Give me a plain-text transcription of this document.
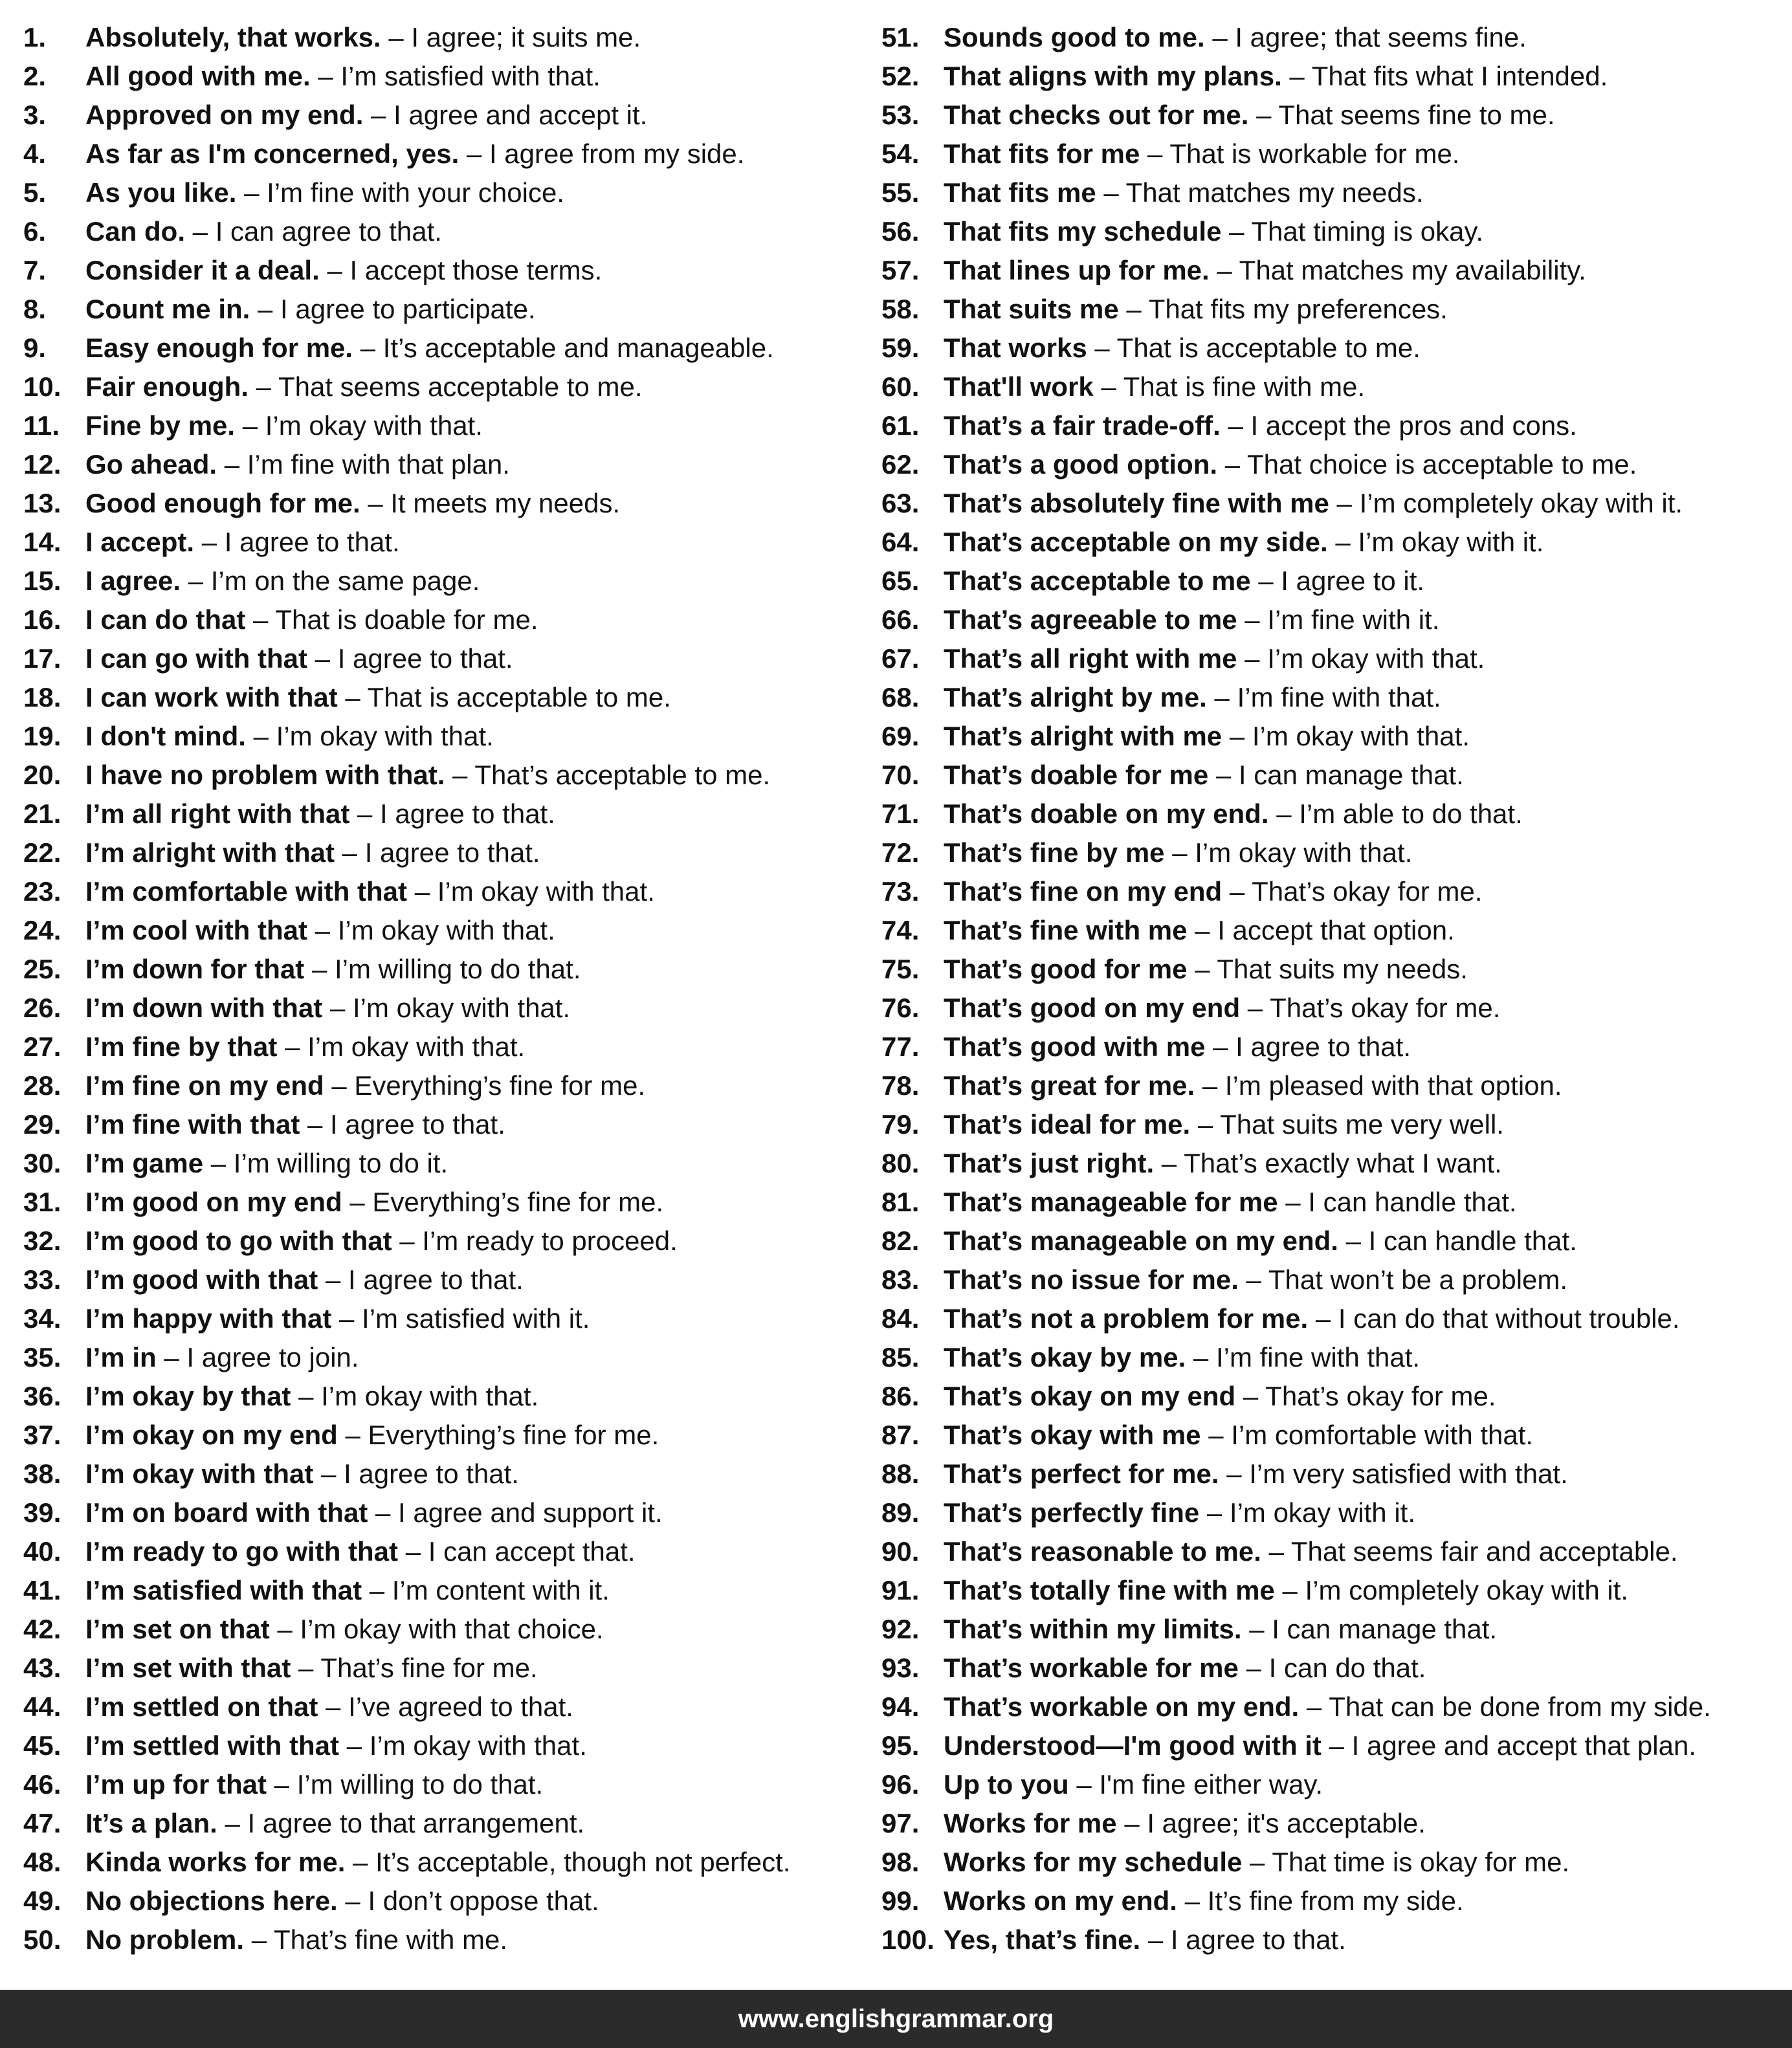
1. Absolutely, that works. – I agree; it suits me.
2. All good with me. – I’m satisfied with that.
3. Approved on my end. – I agree and accept it.
4. As far as I'm concerned, yes. – I agree from my side.
5. As you like. – I’m fine with your choice.
6. Can do. – I can agree to that.
7. Consider it a deal. – I accept those terms.
8. Count me in. – I agree to participate.
9. Easy enough for me. – It’s acceptable and manageable.
10. Fair enough. – That seems acceptable to me.
11. Fine by me. – I’m okay with that.
12. Go ahead. – I’m fine with that plan.
13. Good enough for me. – It meets my needs.
14. I accept. – I agree to that.
15. I agree. – I’m on the same page.
16. I can do that – That is doable for me.
17. I can go with that – I agree to that.
18. I can work with that – That is acceptable to me.
19. I don't mind. – I’m okay with that.
20. I have no problem with that. – That’s acceptable to me.
21. I’m all right with that – I agree to that.
22. I’m alright with that – I agree to that.
23. I’m comfortable with that – I’m okay with that.
24. I’m cool with that – I’m okay with that.
25. I’m down for that – I’m willing to do that.
26. I’m down with that – I’m okay with that.
27. I’m fine by that – I’m okay with that.
28. I’m fine on my end – Everything’s fine for me.
29. I’m fine with that – I agree to that.
30. I’m game – I’m willing to do it.
31. I’m good on my end – Everything’s fine for me.
32. I’m good to go with that – I’m ready to proceed.
33. I’m good with that – I agree to that.
34. I’m happy with that – I’m satisfied with it.
35. I’m in – I agree to join.
36. I’m okay by that – I’m okay with that.
37. I’m okay on my end – Everything’s fine for me.
38. I’m okay with that – I agree to that.
39. I’m on board with that – I agree and support it.
40. I’m ready to go with that – I can accept that.
41. I’m satisfied with that – I’m content with it.
42. I’m set on that – I’m okay with that choice.
43. I’m set with that – That’s fine for me.
44. I’m settled on that – I’ve agreed to that.
45. I’m settled with that – I’m okay with that.
46. I’m up for that – I’m willing to do that.
47. It’s a plan. – I agree to that arrangement.
48. Kinda works for me. – It’s acceptable, though not perfect.
49. No objections here. – I don’t oppose that.
50. No problem. – That’s fine with me.
51. Sounds good to me. – I agree; that seems fine.
52. That aligns with my plans. – That fits what I intended.
53. That checks out for me. – That seems fine to me.
54. That fits for me – That is workable for me.
55. That fits me – That matches my needs.
56. That fits my schedule – That timing is okay.
57. That lines up for me. – That matches my availability.
58. That suits me – That fits my preferences.
59. That works – That is acceptable to me.
60. That'll work – That is fine with me.
61. That’s a fair trade-off. – I accept the pros and cons.
62. That’s a good option. – That choice is acceptable to me.
63. That’s absolutely fine with me – I’m completely okay with it.
64. That’s acceptable on my side. – I’m okay with it.
65. That’s acceptable to me – I agree to it.
66. That’s agreeable to me – I’m fine with it.
67. That’s all right with me – I’m okay with that.
68. That’s alright by me. – I’m fine with that.
69. That’s alright with me – I’m okay with that.
70. That’s doable for me – I can manage that.
71. That’s doable on my end. – I’m able to do that.
72. That’s fine by me – I’m okay with that.
73. That’s fine on my end – That’s okay for me.
74. That’s fine with me – I accept that option.
75. That’s good for me – That suits my needs.
76. That’s good on my end – That’s okay for me.
77. That’s good with me – I agree to that.
78. That’s great for me. – I’m pleased with that option.
79. That’s ideal for me. – That suits me very well.
80. That’s just right. – That’s exactly what I want.
81. That’s manageable for me – I can handle that.
82. That’s manageable on my end. – I can handle that.
83. That’s no issue for me. – That won’t be a problem.
84. That’s not a problem for me. – I can do that without trouble.
85. That’s okay by me. – I’m fine with that.
86. That’s okay on my end – That’s okay for me.
87. That’s okay with me – I’m comfortable with that.
88. That’s perfect for me. – I’m very satisfied with that.
89. That’s perfectly fine – I’m okay with it.
90. That’s reasonable to me. – That seems fair and acceptable.
91. That’s totally fine with me – I’m completely okay with it.
92. That’s within my limits. – I can manage that.
93. That’s workable for me – I can do that.
94. That’s workable on my end. – That can be done from my side.
95. Understood—I'm good with it – I agree and accept that plan.
96. Up to you – I'm fine either way.
97. Works for me – I agree; it's acceptable.
98. Works for my schedule – That time is okay for me.
99. Works on my end. – It’s fine from my side.
100. Yes, that’s fine. – I agree to that.
www.englishgrammar.org
